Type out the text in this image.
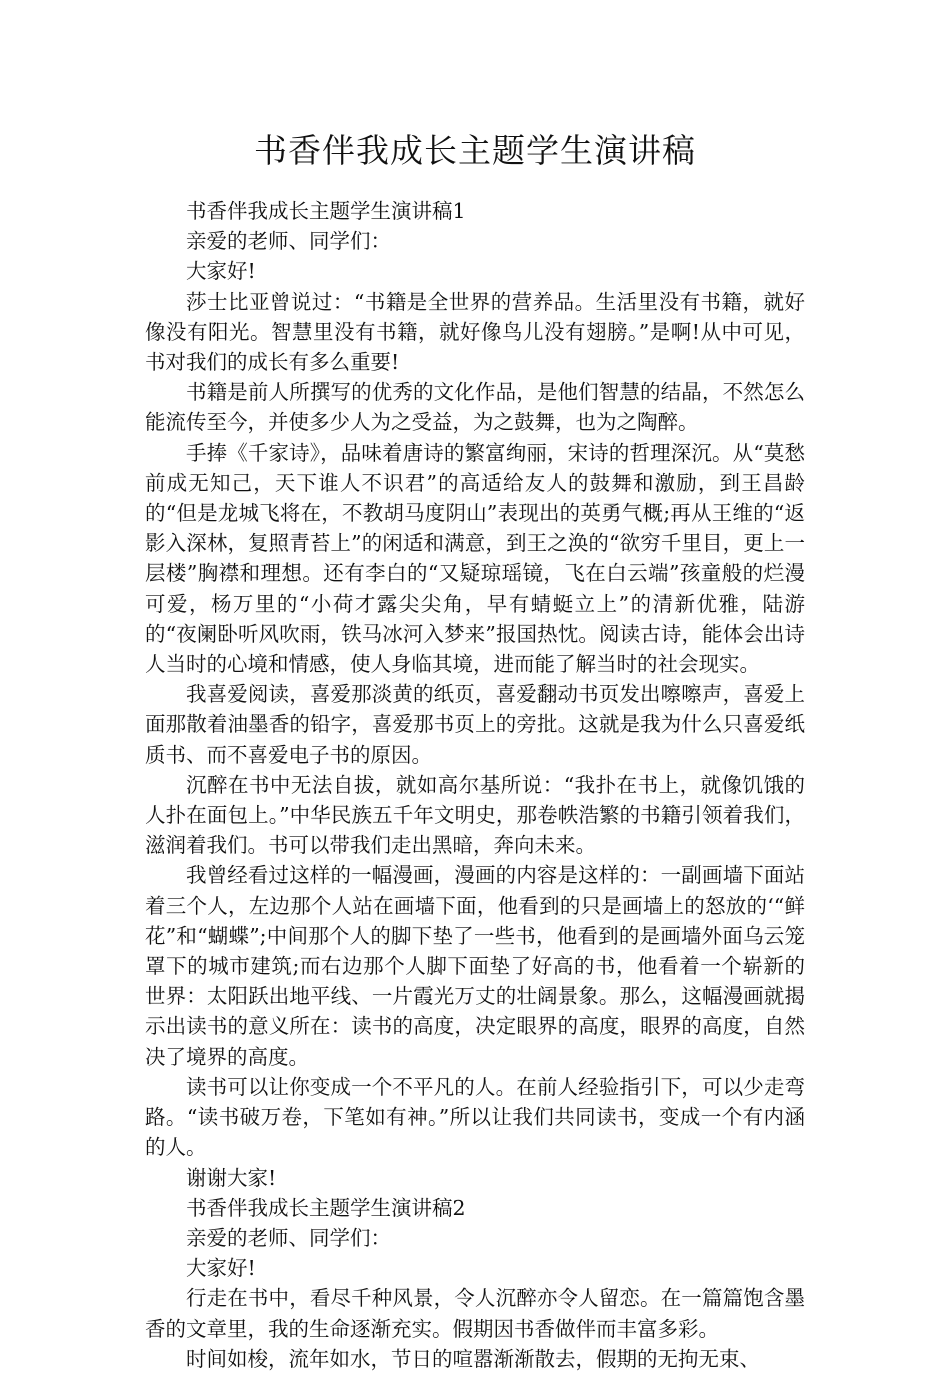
书香伴我成长主题学生演讲稿

书香伴我成长主题学生演讲稿1

亲爱的老师、同学们：

大家好!

莎士比亚曾说过：“书籍是全世界的营养品。生活里没有书籍，就好像没有阳光。智慧里没有书籍，就好像鸟儿没有翅膀。”是啊!从中可见，书对我们的成长有多么重要!

书籍是前人所撰写的优秀的文化作品，是他们智慧的结晶，不然怎么能流传至今，并使多少人为之受益，为之鼓舞，也为之陶醉。

手捧《千家诗》，品味着唐诗的繁富绚丽，宋诗的哲理深沉。从“莫愁前成无知己，天下谁人不识君”的高适给友人的鼓舞和激励，到王昌龄的“但是龙城飞将在，不教胡马度阴山”表现出的英勇气概;再从王维的“返影入深林，复照青苔上”的闲适和满意，到王之涣的“欲穷千里目，更上一层楼”胸襟和理想。还有李白的“又疑琼瑶镜，飞在白云端”孩童般的烂漫可爱，杨万里的“小荷才露尖尖角，早有蜻蜓立上”的清新优雅，陆游的“夜阑卧听风吹雨，铁马冰河入梦来”报国热忱。阅读古诗，能体会出诗人当时的心境和情感，使人身临其境，进而能了解当时的社会现实。

我喜爱阅读，喜爱那淡黄的纸页，喜爱翻动书页发出嚓嚓声，喜爱上面那散着油墨香的铅字，喜爱那书页上的旁批。这就是我为什么只喜爱纸质书、而不喜爱电子书的原因。

沉醉在书中无法自拔，就如高尔基所说：“我扑在书上，就像饥饿的人扑在面包上。”中华民族五千年文明史，那卷帙浩繁的书籍引领着我们，滋润着我们。书可以带我们走出黑暗，奔向未来。

我曾经看过这样的一幅漫画，漫画的内容是这样的：一副画墙下面站着三个人，左边那个人站在画墙下面，他看到的只是画墙上的怒放的‘“鲜花”和“蝴蝶”;中间那个人的脚下垫了一些书，他看到的是画墙外面乌云笼罩下的城市建筑;而右边那个人脚下面垫了好高的书，他看着一个崭新的世界：太阳跃出地平线、一片霞光万丈的壮阔景象。那么，这幅漫画就揭示出读书的意义所在：读书的高度，决定眼界的高度，眼界的高度，自然决了境界的高度。

读书可以让你变成一个不平凡的人。在前人经验指引下，可以少走弯路。“读书破万卷，下笔如有神。”所以让我们共同读书，变成一个有内涵的人。

谢谢大家!

书香伴我成长主题学生演讲稿2

亲爱的老师、同学们：

大家好!

行走在书中，看尽千种风景，令人沉醉亦令人留恋。在一篇篇饱含墨香的文章里，我的生命逐渐充实。假期因书香做伴而丰富多彩。

时间如梭，流年如水，节日的喧嚣渐渐散去，假期的无拘无束、
